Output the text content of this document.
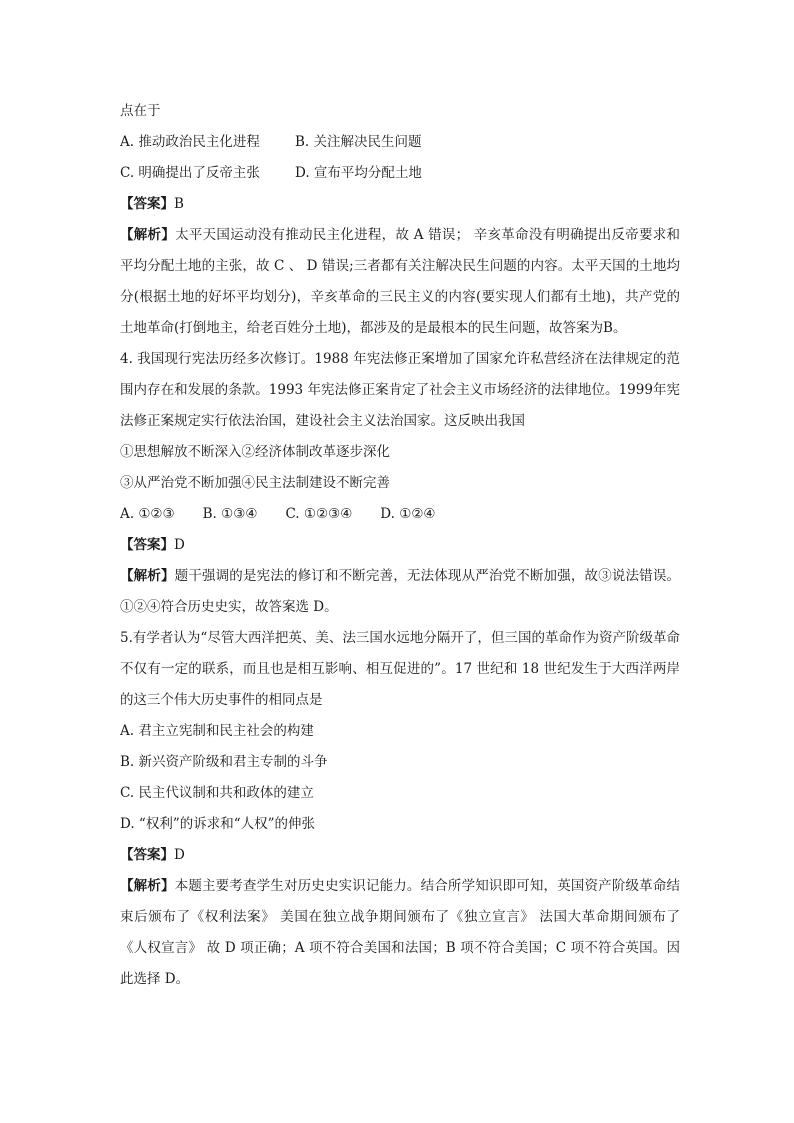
点在于
A. 推动政治民主化进程	B. 关注解决民生问题
C. 明确提出了反帝主张	D. 宣布平均分配土地
【答案】B
【解析】太平天国运动没有推动民主化进程，故 A 错误； 辛亥革命没有明确提出反帝要求和平均分配土地的主张，故 C 、 D 错误;三者都有关注解决民生问题的内容。太平天国的土地均分(根据土地的好坏平均划分)，辛亥革命的三民主义的内容(要实现人们都有土地)，共产党的土地革命(打倒地主，给老百姓分土地)，都涉及的是最根本的民生问题，故答案为B。
4. 我国现行宪法历经多次修订。1988 年宪法修正案增加了国家允许私营经济在法律规定的范围内存在和发展的条款。1993 年宪法修正案肯定了社会主义市场经济的法律地位。1999年宪法修正案规定实行依法治国，建设社会主义法治国家。这反映出我国
①思想解放不断深入②经济体制改革逐步深化
③从严治党不断加强④民主法制建设不断完善
A. ①②③ B. ①③④ C. ①②③④ D. ①②④
【答案】D
【解析】题干强调的是宪法的修订和不断完善，无法体现从严治党不断加强，故③说法错误。①②④符合历史史实，故答案选 D。
5.有学者认为“尽管大西洋把英、美、法三国水远地分隔开了，但三国的革命作为资产阶级革命不仅有一定的联系，而且也是相互影响、相互促进的”。17 世纪和 18 世纪发生于大西洋两岸的这三个伟大历史事件的相同点是
A. 君主立宪制和民主社会的构建
B. 新兴资产阶级和君主专制的斗争
C. 民主代议制和共和政体的建立
D. “权利”的诉求和“人权”的伸张
【答案】D
【解析】本题主要考查学生对历史史实识记能力。结合所学知识即可知，英国资产阶级革命结束后颁布了《权利法案》 美国在独立战争期间颁布了《独立宣言》 法国大革命期间颁布了《人权宣言》 故 D 项正确；A 项不符合美国和法国；B 项不符合美国；C 项不符合英国。因此选择 D。
